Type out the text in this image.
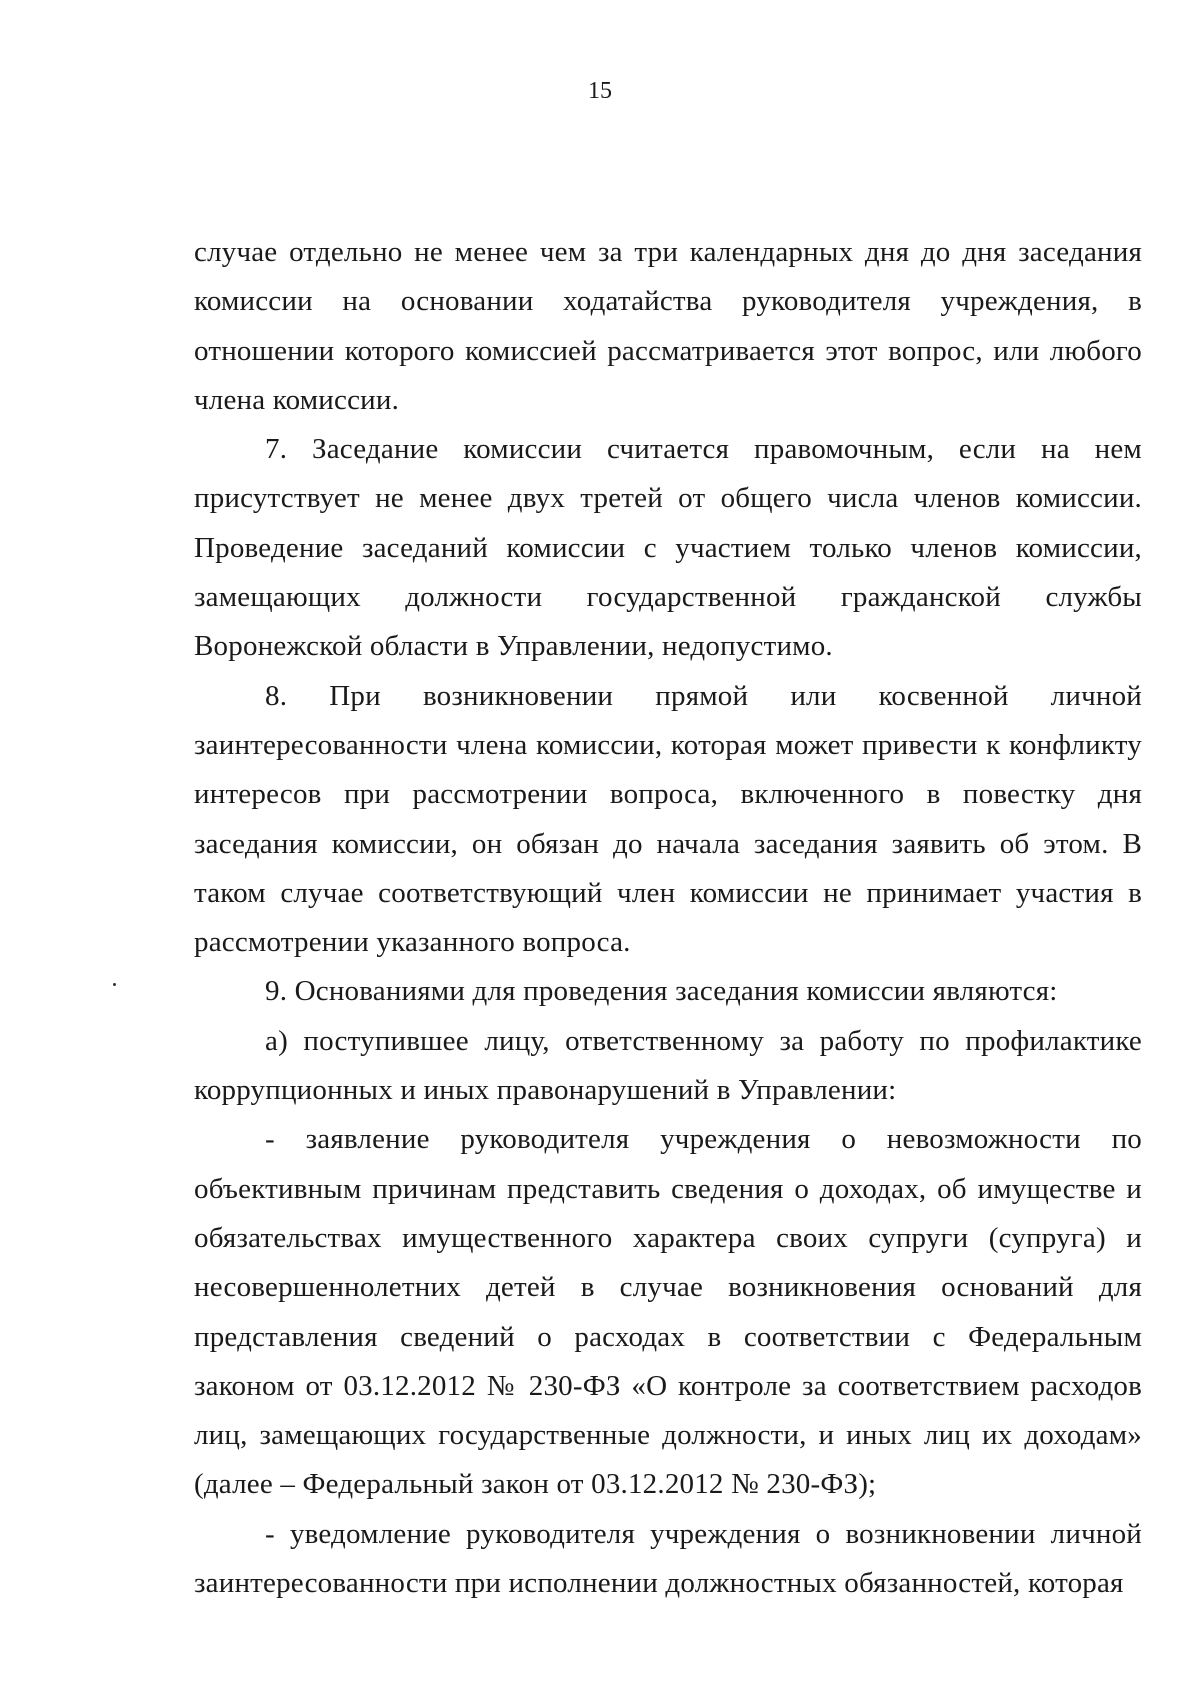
15

случае отдельно не менее чем за три календарных дня до дня заседания комиссии на основании ходатайства руководителя учреждения, в отношении которого комиссией рассматривается этот вопрос, или любого члена комиссии.

7. Заседание комиссии считается правомочным, если на нем присутствует не менее двух третей от общего числа членов комиссии. Проведение заседаний комиссии с участием только членов комиссии, замещающих должности государственной гражданской службы Воронежской области в Управлении, недопустимо.

8. При возникновении прямой или косвенной личной заинтересованности члена комиссии, которая может привести к конфликту интересов при рассмотрении вопроса, включенного в повестку дня заседания комиссии, он обязан до начала заседания заявить об этом. В таком случае соответствующий член комиссии не принимает участия в рассмотрении указанного вопроса.

9. Основаниями для проведения заседания комиссии являются:

а) поступившее лицу, ответственному за работу по профилактике коррупционных и иных правонарушений в Управлении:

- заявление руководителя учреждения о невозможности по объективным причинам представить сведения о доходах, об имуществе и обязательствах имущественного характера своих супруги (супруга) и несовершеннолетних детей в случае возникновения оснований для представления сведений о расходах в соответствии с Федеральным законом от 03.12.2012 № 230-ФЗ «О контроле за соответствием расходов лиц, замещающих государственные должности, и иных лиц их доходам» (далее – Федеральный закон от 03.12.2012 № 230-ФЗ);

- уведомление руководителя учреждения о возникновении личной заинтересованности при исполнении должностных обязанностей, которая
